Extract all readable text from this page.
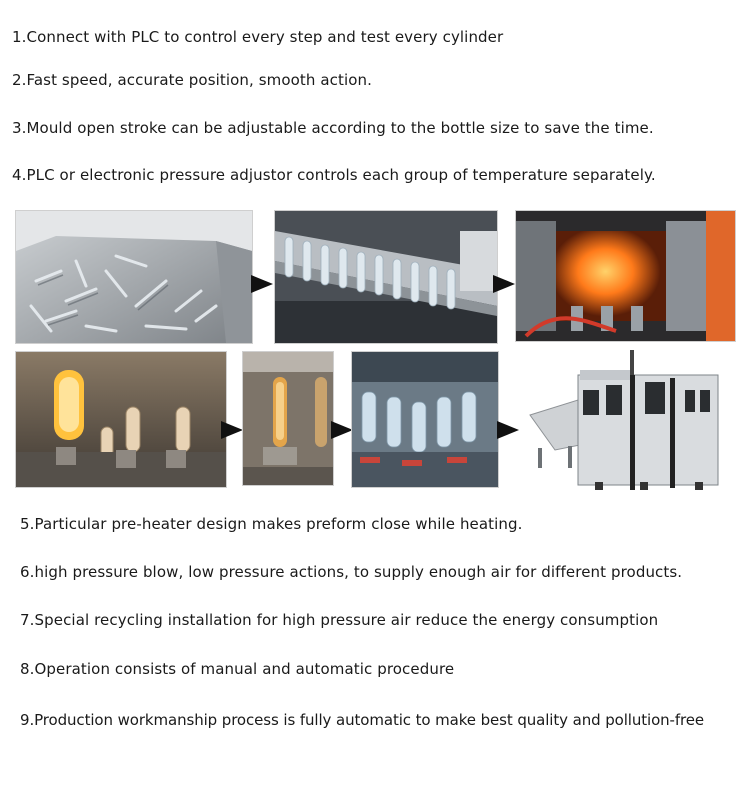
1.Connect with PLC to control every step and test every cylinder
2.Fast speed, accurate position, smooth action.
3.Mould open stroke can be adjustable according to the bottle size to save the time.
4.PLC or electronic pressure adjustor controls each group of temperature separately.
5.Particular pre-heater design makes preform close while heating.
6.high pressure blow, low pressure actions, to supply enough air for different products.
7.Special recycling installation for high pressure air reduce the energy consumption
8.Operation consists of manual and automatic procedure
9.Production workmanship process is fully automatic to make best quality and pollution-free
